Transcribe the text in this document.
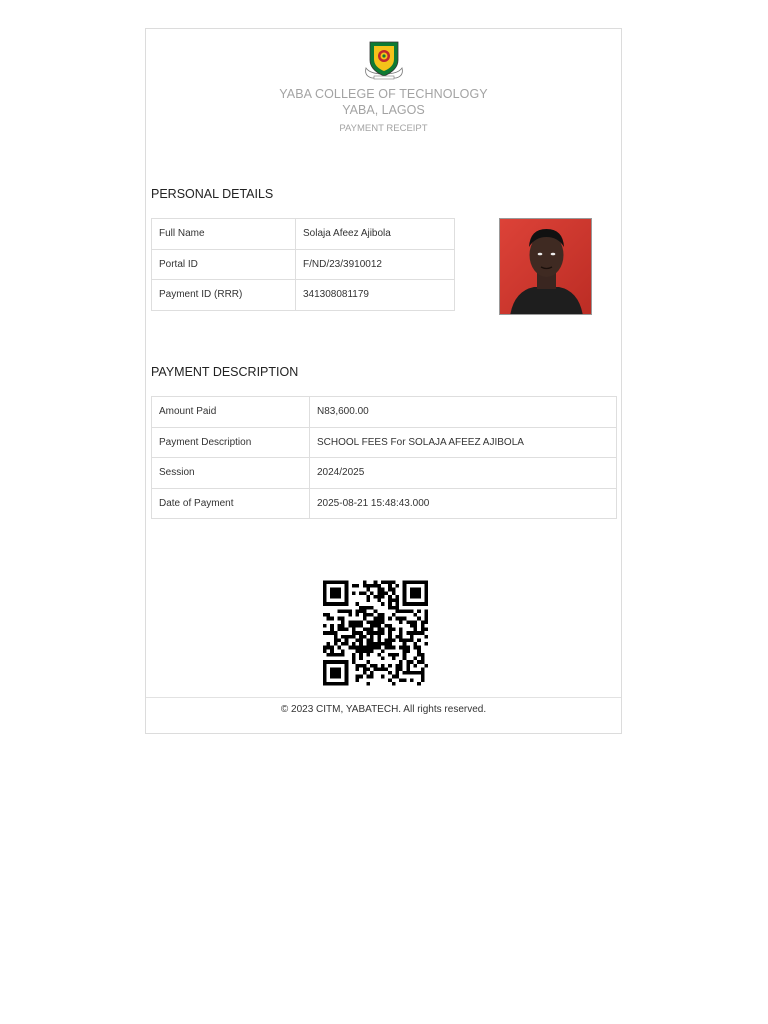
YABA COLLEGE OF TECHNOLOGY
YABA, LAGOS
PAYMENT RECEIPT
PERSONAL DETAILS
Full Name	Solaja Afeez Ajibola
Portal ID	F/ND/23/3910012
Payment ID (RRR)	341308081179
PAYMENT DESCRIPTION
Amount Paid	N83,600.00
Payment Description	SCHOOL FEES For SOLAJA AFEEZ AJIBOLA
Session	2024/2025
Date of Payment	2025-08-21 15:48:43.000
© 2023 CITM, YABATECH. All rights reserved.
